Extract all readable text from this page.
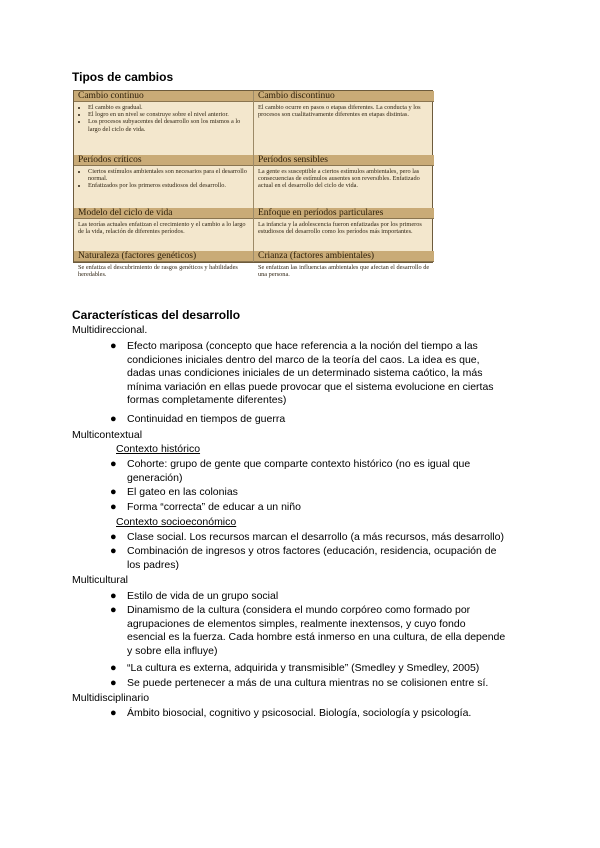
Tipos de cambios
Cambio continuo
• El cambio es gradual.
• El logro en un nivel se construye sobre el nivel anterior.
• Los procesos subyacentes del desarrollo son los mismos a lo largo del ciclo de vida.
Períodos críticos
• Ciertos estímulos ambientales son necesarios para el desarrollo normal.
• Enfatizados por los primeros estudiosos del desarrollo.
Modelo del ciclo de vida

Las teorías actuales enfatizan el crecimiento y el cambio a lo largo de la vida, relación de diferentes períodos.

Naturaleza (factores genéticos)

Se enfatiza el descubrimiento de rasgos genéticos y habilidades heredables.

Cambio discontinuo

El cambio ocurre en pasos o etapas diferentes. La conducta y los procesos son cualitativamente diferentes en etapas distintas.

Períodos sensibles

La gente es susceptible a ciertos estímulos ambientales, pero las consecuencias de estímulos ausentes son reversibles. Enfatizado actual en el desarrollo del ciclo de vida.

Enfoque en períodos particulares

La infancia y la adolescencia fueron enfatizadas por los primeros estudiosos del desarrollo como los períodos más importantes.

Crianza (factores ambientales)

Se enfatizan las influencias ambientales que afectan el desarrollo de una persona.

Características del desarrollo
Multidireccional.
● Efecto mariposa (concepto que hace referencia a la noción del tiempo a las
condiciones iniciales dentro del marco de la teoría del caos. La idea es que,
dadas unas condiciones iniciales de un determinado sistema caótico, la más
mínima variación en ellas puede provocar que el sistema evolucione en ciertas
formas completamente diferentes)
● Continuidad en tiempos de guerra
Multicontextual
Contexto histórico
● Cohorte: grupo de gente que comparte contexto histórico (no es igual que
generación)
● El gateo en las colonias
● Forma “correcta” de educar a un niño
Contexto socioeconómico
● Clase social. Los recursos marcan el desarrollo (a más recursos, más desarrollo)
● Combinación de ingresos y otros factores (educación, residencia, ocupación de
los padres)
Multicultural
● Estilo de vida de un grupo social
● Dinamismo de la cultura (considera el mundo corpóreo como formado por
agrupaciones de elementos simples, realmente inextensos, y cuyo fondo
esencial es la fuerza. Cada hombre está inmerso en una cultura, de ella depende
y sobre ella influye)
● “La cultura es externa, adquirida y transmisible” (Smedley y Smedley, 2005)
● Se puede pertenecer a más de una cultura mientras no se colisionen entre sí.
Multidisciplinario
● Ámbito biosocial, cognitivo y psicosocial. Biología, sociología y psicología.
